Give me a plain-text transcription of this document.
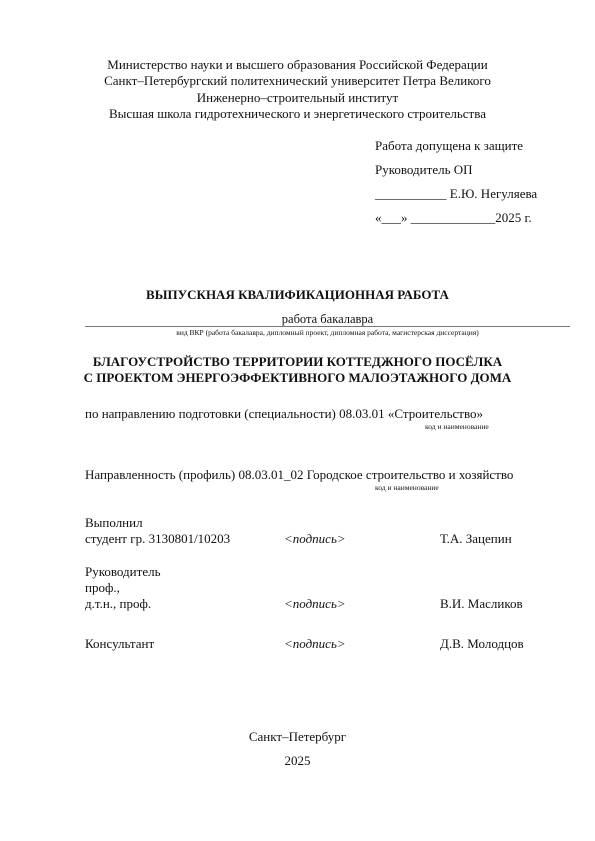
Министерство науки и высшего образования Российской Федерации
Санкт–Петербургский политехнический университет Петра Великого
Инженерно–строительный институт
Высшая школа гидротехнического и энергетического строительства
Работа допущена к защите
Руководитель ОП
___________ Е.Ю. Негуляева
«___» _____________2025 г.
ВЫПУСКНАЯ КВАЛИФИКАЦИОННАЯ РАБОТА
работа бакалавра
вид ВКР (работа бакалавра, дипломный проект, дипломная работа, магистерская диссертация)
БЛАГОУСТРОЙСТВО ТЕРРИТОРИИ КОТТЕДЖНОГО ПОСЁЛКА
С ПРОЕКТОМ ЭНЕРГОЭФФЕКТИВНОГО МАЛОЭТАЖНОГО ДОМА
по направлению подготовки (специальности) 08.03.01 «Строительство»
код и наименование
Направленность (профиль) 08.03.01_02 Городское строительство и хозяйство
код и наименование
Выполнил
студент гр. 3130801/10203	<подпись>	Т.А. Зацепин
Руководитель
проф.,
д.т.н., проф.	<подпись>	В.И. Масликов
Консультант	<подпись>	Д.В. Молодцов
Санкт–Петербург
2025
